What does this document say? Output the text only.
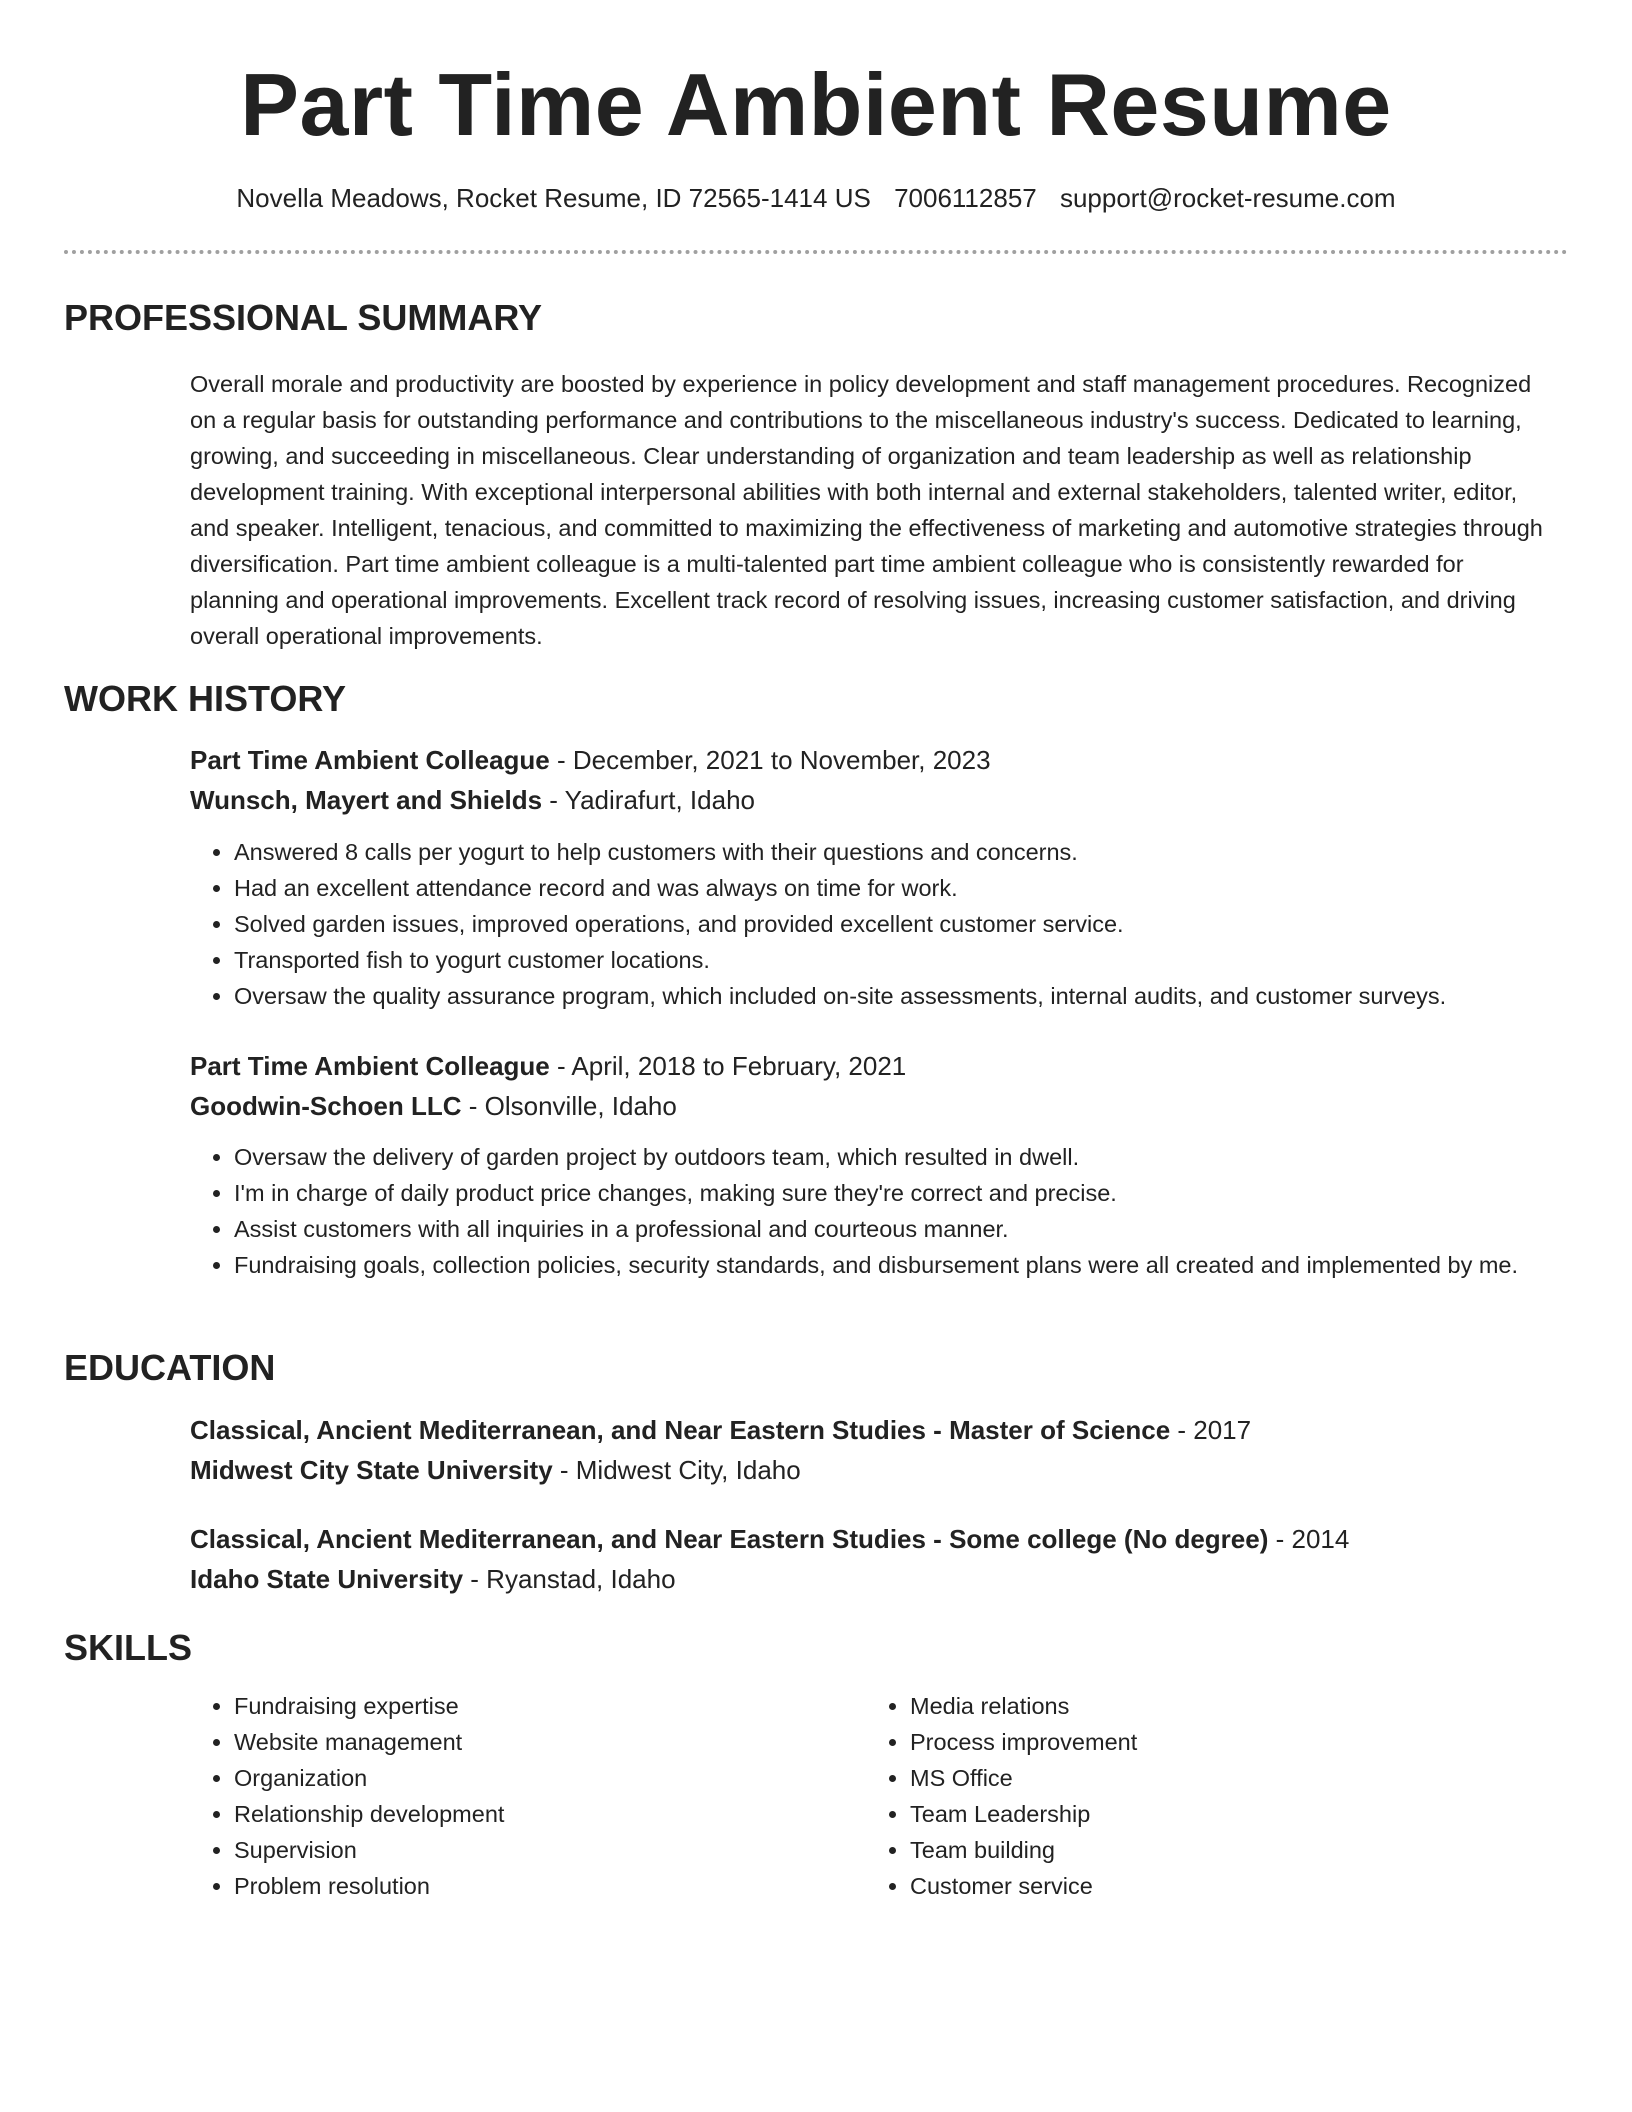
Part Time Ambient Resume
Novella Meadows, Rocket Resume, ID 72565-1414 US 7006112857 support@rocket-resume.com
PROFESSIONAL SUMMARY

Overall morale and productivity are boosted by experience in policy development and staff management procedures. Recognized on a regular basis for outstanding performance and contributions to the miscellaneous industry's success. Dedicated to learning, growing, and succeeding in miscellaneous. Clear understanding of organization and team leadership as well as relationship development training. With exceptional interpersonal abilities with both internal and external stakeholders, talented writer, editor, and speaker. Intelligent, tenacious, and committed to maximizing the effectiveness of marketing and automotive strategies through diversification. Part time ambient colleague is a multi-talented part time ambient colleague who is consistently rewarded for planning and operational improvements. Excellent track record of resolving issues, increasing customer satisfaction, and driving overall operational improvements.

WORK HISTORY
Part Time Ambient Colleague - December, 2021 to November, 2023
Wunsch, Mayert and Shields - Yadirafurt, Idaho
• Answered 8 calls per yogurt to help customers with their questions and concerns.
• Had an excellent attendance record and was always on time for work.
• Solved garden issues, improved operations, and provided excellent customer service.
• Transported fish to yogurt customer locations.
• Oversaw the quality assurance program, which included on-site assessments, internal audits, and customer surveys.
Part Time Ambient Colleague - April, 2018 to February, 2021
Goodwin-Schoen LLC - Olsonville, Idaho
• Oversaw the delivery of garden project by outdoors team, which resulted in dwell.
• I'm in charge of daily product price changes, making sure they're correct and precise.
• Assist customers with all inquiries in a professional and courteous manner.
• Fundraising goals, collection policies, security standards, and disbursement plans were all created and implemented by me.
EDUCATION
Classical, Ancient Mediterranean, and Near Eastern Studies - Master of Science - 2017
Midwest City State University - Midwest City, Idaho
Classical, Ancient Mediterranean, and Near Eastern Studies - Some college (No degree) - 2014
Idaho State University - Ryanstad, Idaho
SKILLS
• Fundraising expertise
• Website management
• Organization
• Relationship development
• Supervision
• Problem resolution
• Media relations
• Process improvement
• MS Office
• Team Leadership
• Team building
• Customer service
